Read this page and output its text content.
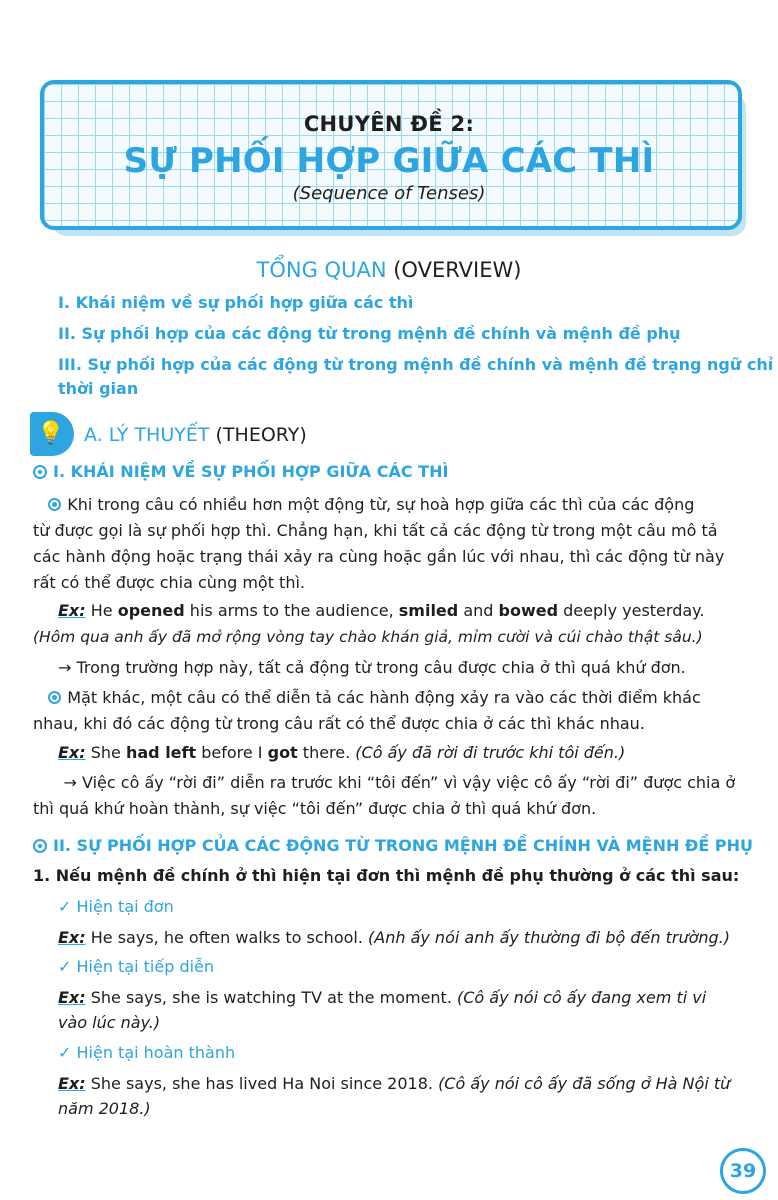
CHUYÊN ĐỀ 2:
SỰ PHỐI HỢP GIỮA CÁC THÌ
(Sequence of Tenses)
TỔNG QUAN (OVERVIEW)
I. Khái niệm về sự phối hợp giữa các thì
II. Sự phối hợp của các động từ trong mệnh đề chính và mệnh đề phụ
III. Sự phối hợp của các động từ trong mệnh đề chính và mệnh đề trạng ngữ chỉ
thời gian
💡 A. LÝ THUYẾT (THEORY)
I. KHÁI NIỆM VỀ SỰ PHỐI HỢP GIỮA CÁC THÌ
Khi trong câu có nhiều hơn một động từ, sự hoà hợp giữa các thì của các động
từ được gọi là sự phối hợp thì. Chẳng hạn, khi tất cả các động từ trong một câu mô tả
các hành động hoặc trạng thái xảy ra cùng hoặc gần lúc với nhau, thì các động từ này
rất có thể được chia cùng một thì.
Ex: He opened his arms to the audience, smiled and bowed deeply yesterday.
(Hôm qua anh ấy đã mở rộng vòng tay chào khán giả, mỉm cười và cúi chào thật sâu.)
→ Trong trường hợp này, tất cả động từ trong câu được chia ở thì quá khứ đơn.
Mặt khác, một câu có thể diễn tả các hành động xảy ra vào các thời điểm khác
nhau, khi đó các động từ trong câu rất có thể được chia ở các thì khác nhau.
Ex: She had left before I got there. (Cô ấy đã rời đi trước khi tôi đến.)
→ Việc cô ấy “rời đi” diễn ra trước khi “tôi đến” vì vậy việc cô ấy “rời đi” được chia ở
thì quá khứ hoàn thành, sự việc “tôi đến” được chia ở thì quá khứ đơn.
II. SỰ PHỐI HỢP CỦA CÁC ĐỘNG TỪ TRONG MỆNH ĐỀ CHÍNH VÀ MỆNH ĐỀ PHỤ
1. Nếu mệnh đề chính ở thì hiện tại đơn thì mệnh đề phụ thường ở các thì sau:
✓ Hiện tại đơn
Ex: He says, he often walks to school. (Anh ấy nói anh ấy thường đi bộ đến trường.)
✓ Hiện tại tiếp diễn
Ex: She says, she is watching TV at the moment. (Cô ấy nói cô ấy đang xem ti vi
vào lúc này.)
✓ Hiện tại hoàn thành
Ex: She says, she has lived Ha Noi since 2018. (Cô ấy nói cô ấy đã sống ở Hà Nội từ
năm 2018.)
39
